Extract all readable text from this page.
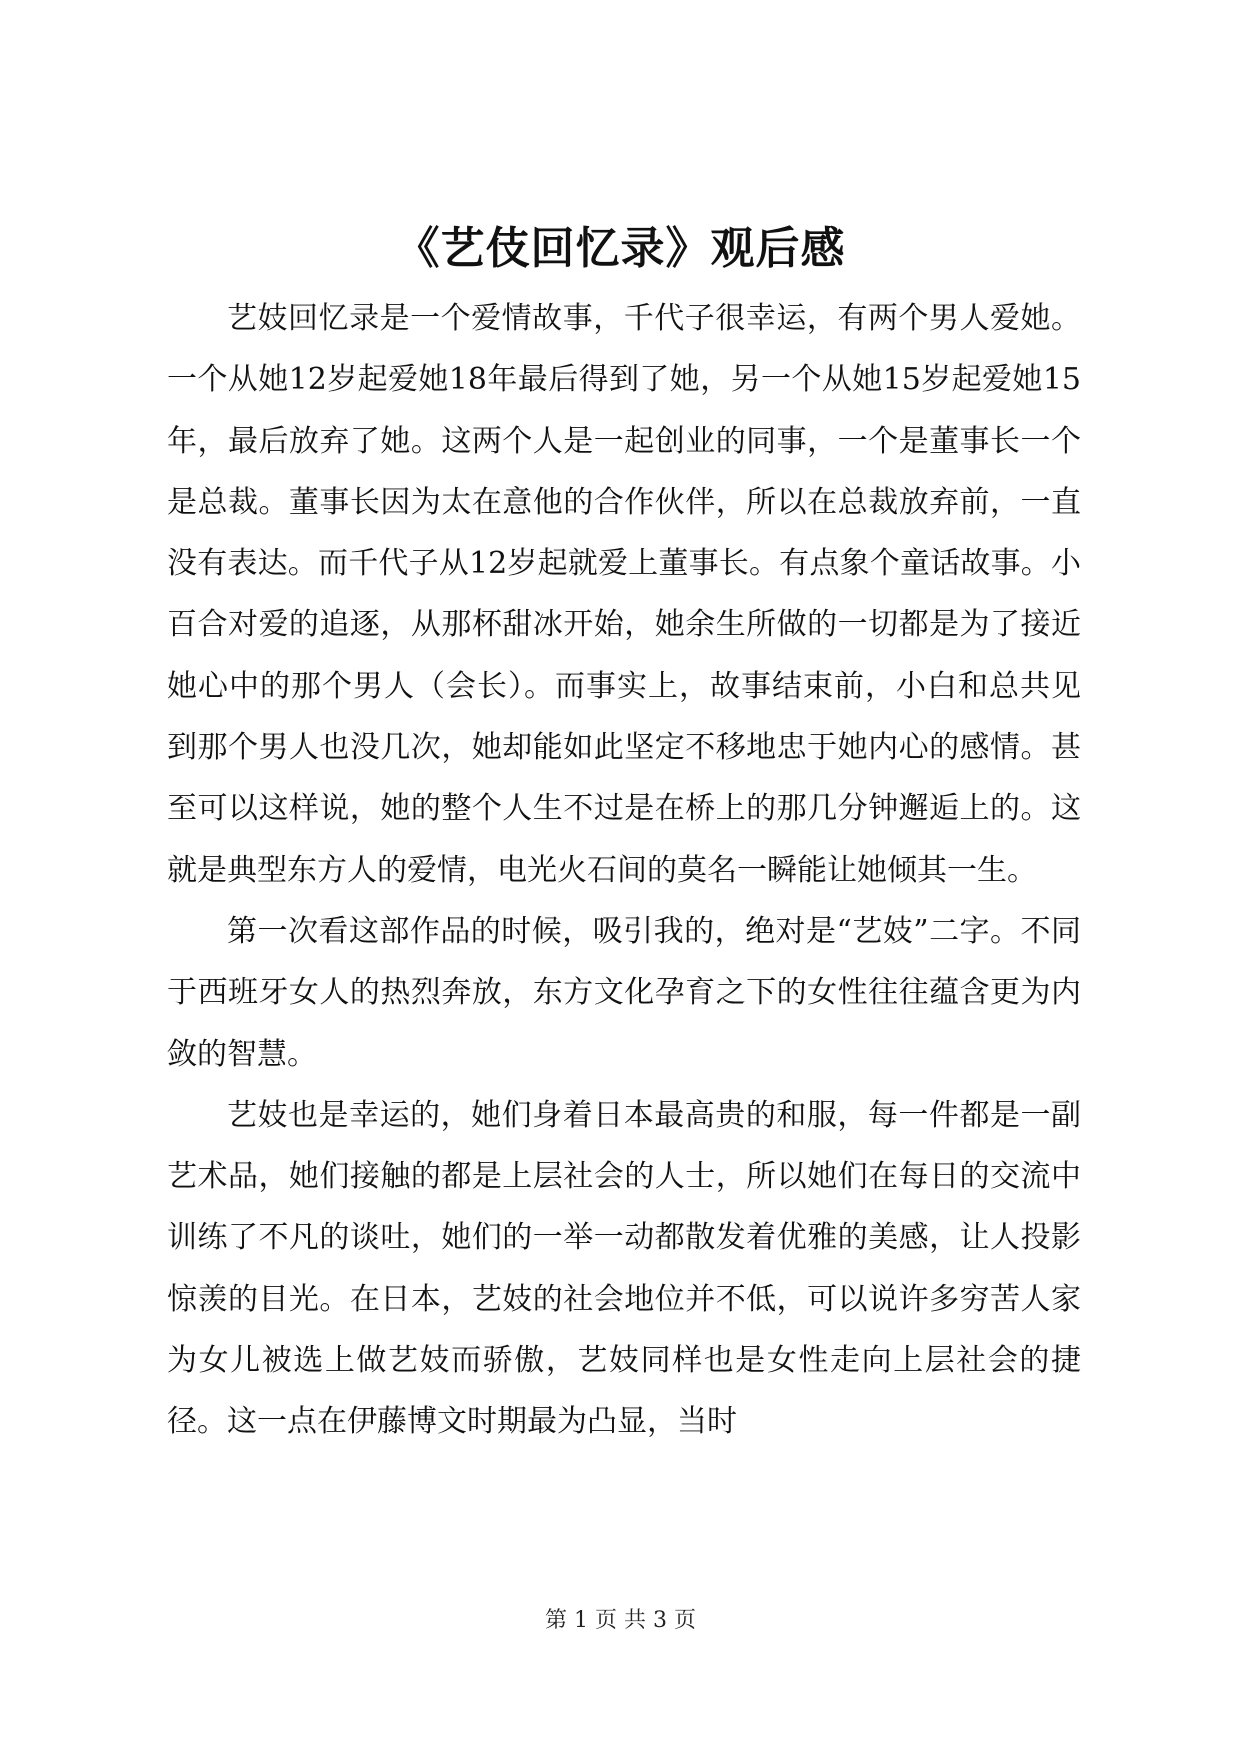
《艺伎回忆录》观后感

艺妓回忆录是一个爱情故事，千代子很幸运，有两个男人爱她。一个从她12岁起爱她18年最后得到了她，另一个从她15岁起爱她15年，最后放弃了她。这两个人是一起创业的同事，一个是董事长一个是总裁。董事长因为太在意他的合作伙伴，所以在总裁放弃前，一直没有表达。而千代子从12岁起就爱上董事长。有点象个童话故事。小百合对爱的追逐，从那杯甜冰开始，她余生所做的一切都是为了接近她心中的那个男人（会长）。而事实上，故事结束前，小白和总共见到那个男人也没几次，她却能如此坚定不移地忠于她内心的感情。甚至可以这样说，她的整个人生不过是在桥上的那几分钟邂逅上的。这就是典型东方人的爱情，电光火石间的莫名一瞬能让她倾其一生。

第一次看这部作品的时候，吸引我的，绝对是“艺妓”二字。不同于西班牙女人的热烈奔放，东方文化孕育之下的女性往往蕴含更为内敛的智慧。

艺妓也是幸运的，她们身着日本最高贵的和服，每一件都是一副艺术品，她们接触的都是上层社会的人士，所以她们在每日的交流中训练了不凡的谈吐，她们的一举一动都散发着优雅的美感，让人投影惊羡的目光。在日本，艺妓的社会地位并不低，可以说许多穷苦人家为女儿被选上做艺妓而骄傲，艺妓同样也是女性走向上层社会的捷径。这一点在伊藤博文时期最为凸显，当时

第 1 页 共 3 页
